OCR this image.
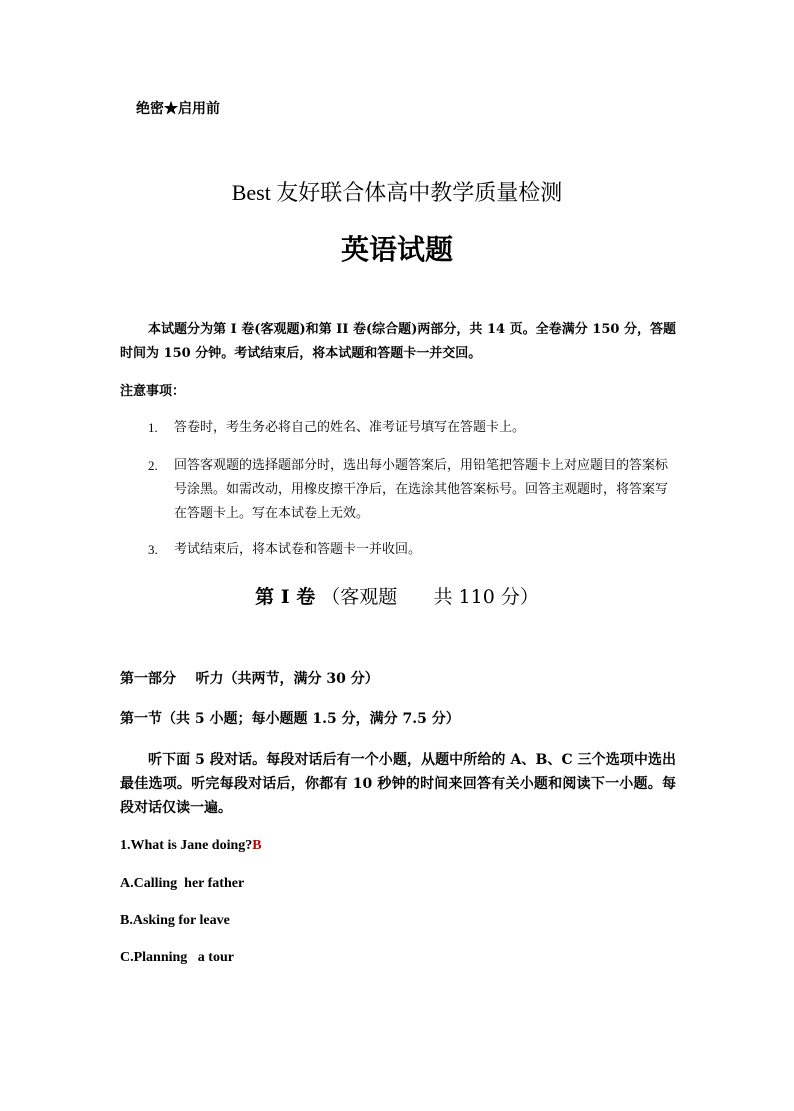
绝密★启用前

Best 友好联合体高中教学质量检测

英语试题

本试题分为第 I 卷(客观题)和第 II 卷(综合题)两部分，共 14 页。全卷满分 150 分，答题时间为 150 分钟。考试结束后，将本试题和答题卡一并交回。

注意事项：

1.	答卷时，考生务必将自己的姓名、准考证号填写在答题卡上。
2.	回答客观题的选择题部分时，选出每小题答案后，用铅笔把答题卡上对应题目的答案标号涂黑。如需改动，用橡皮擦干净后，在选涂其他答案标号。回答主观题时，将答案写在答题卡上。写在本试卷上无效。
3.	考试结束后，将本试卷和答题卡一并收回。

第 I 卷 （客观题      共 110 分）

第一部分    听力（共两节，满分 30 分）

第一节（共 5 小题；每小题题 1.5 分，满分 7.5 分）

听下面 5 段对话。每段对话后有一个小题，从题中所给的 A、B、C 三个选项中选出最佳选项。听完每段对话后，你都有 10 秒钟的时间来回答有关小题和阅读下一小题。每段对话仅读一遍。

1.What is Jane doing?B

A.Calling  her father

B.Asking for leave

C.Planning   a tour
